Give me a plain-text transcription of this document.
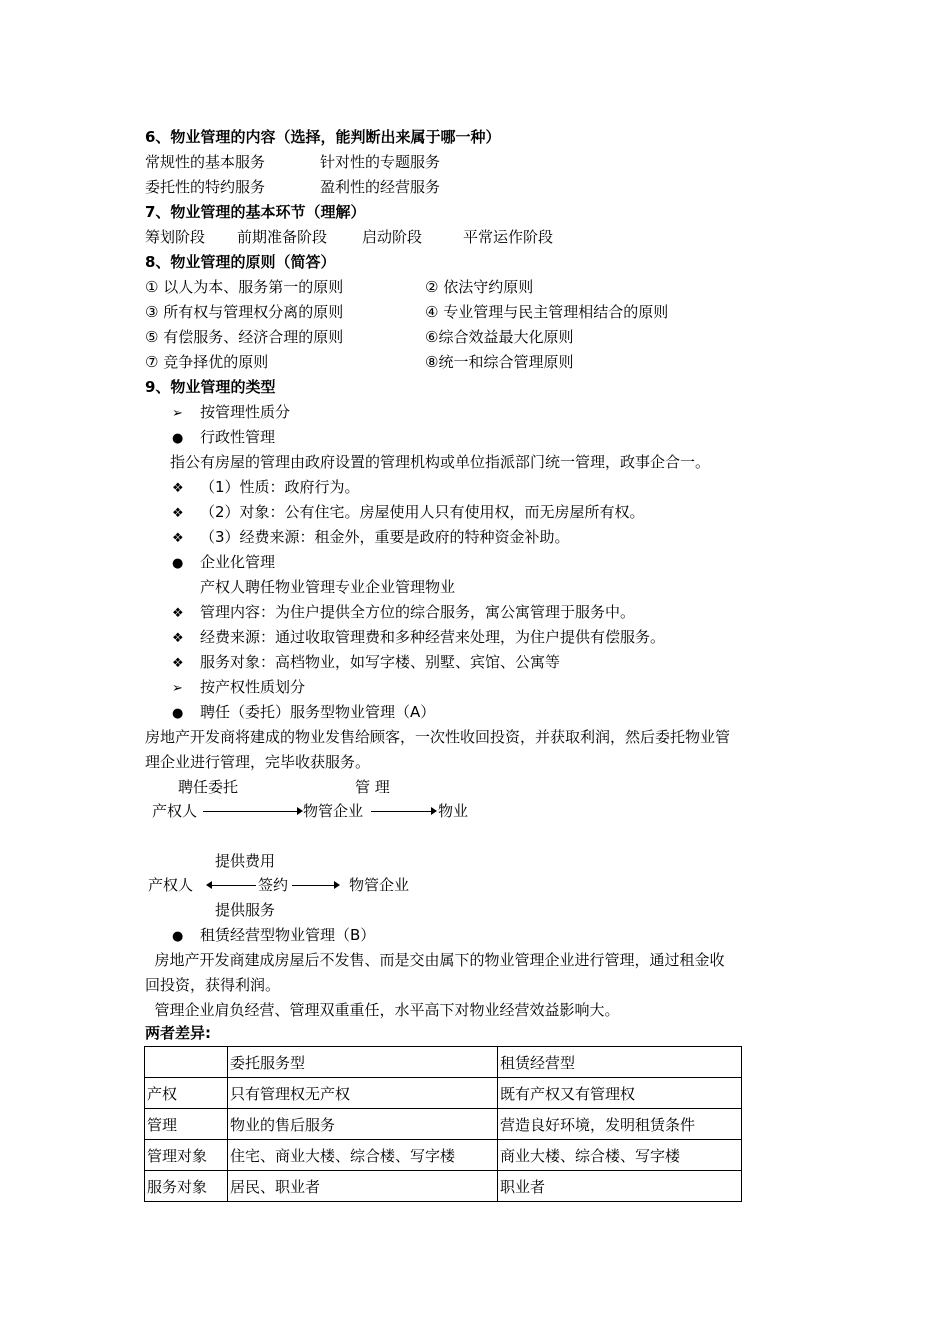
6、物业管理的内容（选择，能判断出来属于哪一种）
常规性的基本服务	针对性的专题服务
委托性的特约服务	盈利性的经营服务
7、物业管理的基本环节（理解）
筹划阶段 前期准备阶段 启动阶段	平常运作阶段
8、物业管理的原则（简答）
① 以人为本、服务第一的原则	② 依法守约原则
③ 所有权与管理权分离的原则	④ 专业管理与民主管理相结合的原则
⑤ 有偿服务、经济合理的原则	⑥综合效益最大化原则
⑦ 竞争择优的原则	⑧统一和综合管理原则
9、物业管理的类型
➢ 按管理性质分
● 行政性管理
指公有房屋的管理由政府设置的管理机构或单位指派部门统一管理，政事企合一。
❖ （1）性质：政府行为。
❖ （2）对象：公有住宅。房屋使用人只有使用权，而无房屋所有权。
❖ （3）经费来源：租金外，重要是政府的特种资金补助。
● 企业化管理
产权人聘任物业管理专业企业管理物业
❖ 管理内容：为住户提供全方位的综合服务，寓公寓管理于服务中。
❖ 经费来源：通过收取管理费和多种经营来处理，为住户提供有偿服务。
❖ 服务对象：高档物业，如写字楼、别墅、宾馆、公寓等
➢ 按产权性质划分
● 聘任（委托）服务型物业管理（A）
房地产开发商将建成的物业发售给顾客，一次性收回投资，并获取利润，然后委托物业管
理企业进行管理，完毕收获服务。
聘任委托	管 理
产权人	物管企业	物业
提供费用
产权人	签约	物管企业
提供服务
● 租赁经营型物业管理（B）
房地产开发商建成房屋后不发售、而是交由属下的物业管理企业进行管理，通过租金收
回投资，获得利润。
管理企业肩负经营、管理双重重任，水平高下对物业经营效益影响大。
两者差异:
	委托服务型	租赁经营型
产权	只有管理权无产权	既有产权又有管理权
管理	物业的售后服务	营造良好环境，发明租赁条件
管理对象	住宅、商业大楼、综合楼、写字楼	商业大楼、综合楼、写字楼
服务对象	居民、职业者	职业者
